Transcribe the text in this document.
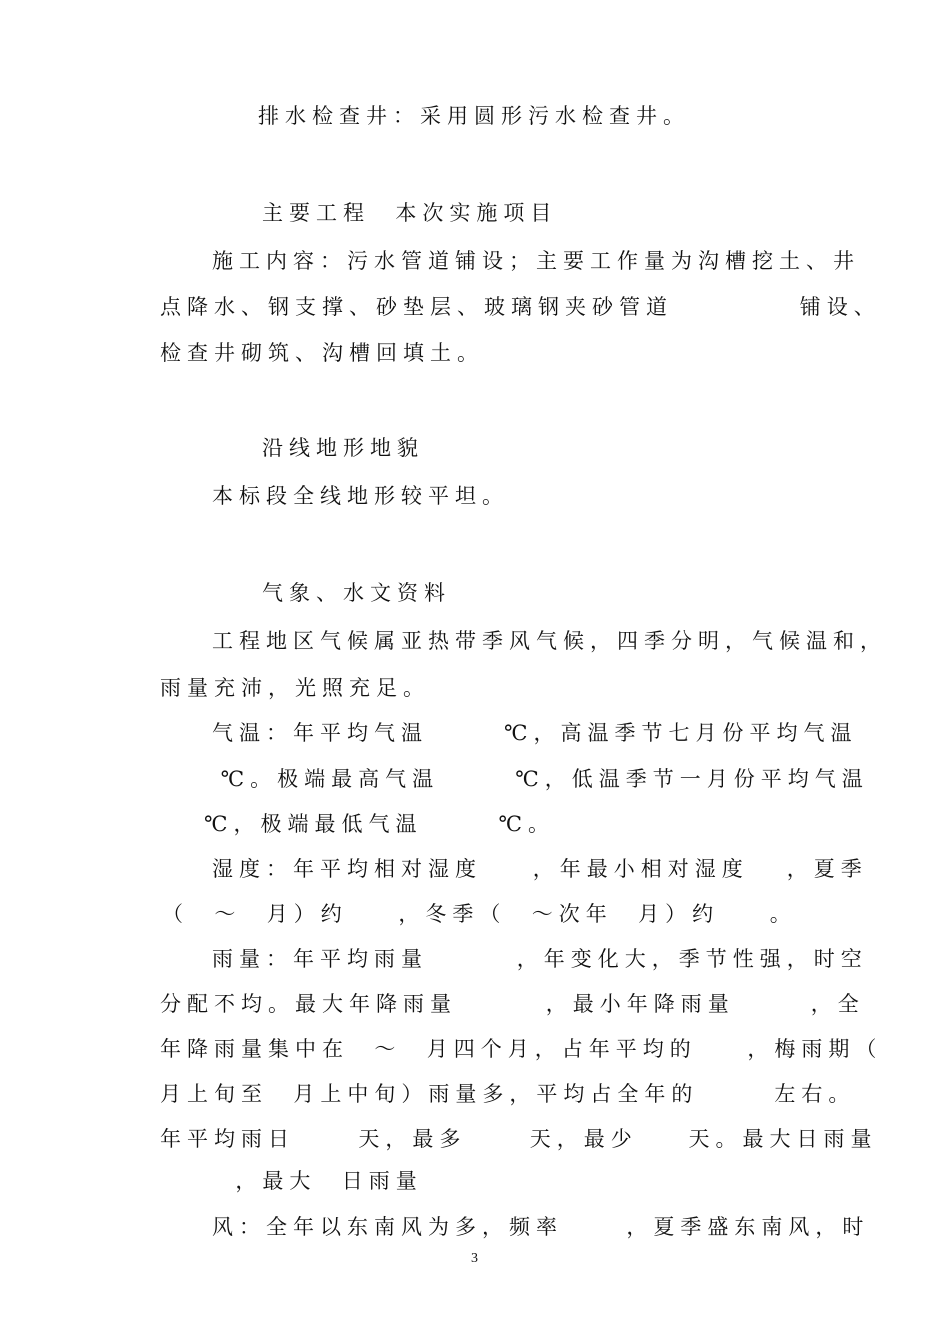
排水检查井：采用圆形污水检查井。
主要工程  本次实施项目
施工内容：污水管道铺设；主要工作量为沟槽挖土、井
点降水、钢支撑、砂垫层、玻璃钢夹砂管道          铺设、
检查井砌筑、沟槽回填土。
沿线地形地貌
本标段全线地形较平坦。
气象、水文资料
工程地区气候属亚热带季风气候，四季分明，气候温和，
雨量充沛，光照充足。
气温：年平均气温      ℃，高温季节七月份平均气温
℃。极端最高气温      ℃，低温季节一月份平均气温
℃，极端最低气温      ℃。
湿度：年平均相对湿度    ，年最小相对湿度   ，夏季
（  ～  月）约    ，冬季（  ～次年  月）约    。
雨量：年平均雨量       ，年变化大，季节性强，时空
分配不均。最大年降雨量       ，最小年降雨量      ，全
年降雨量集中在  ～  月四个月，占年平均的    ，梅雨期（
月上旬至  月上中旬）雨量多，平均占全年的      左右。
年平均雨日     天，最多     天，最少    天。最大日雨量
，最大  日雨量
风：全年以东南风为多，频率     ，夏季盛东南风，时
3
